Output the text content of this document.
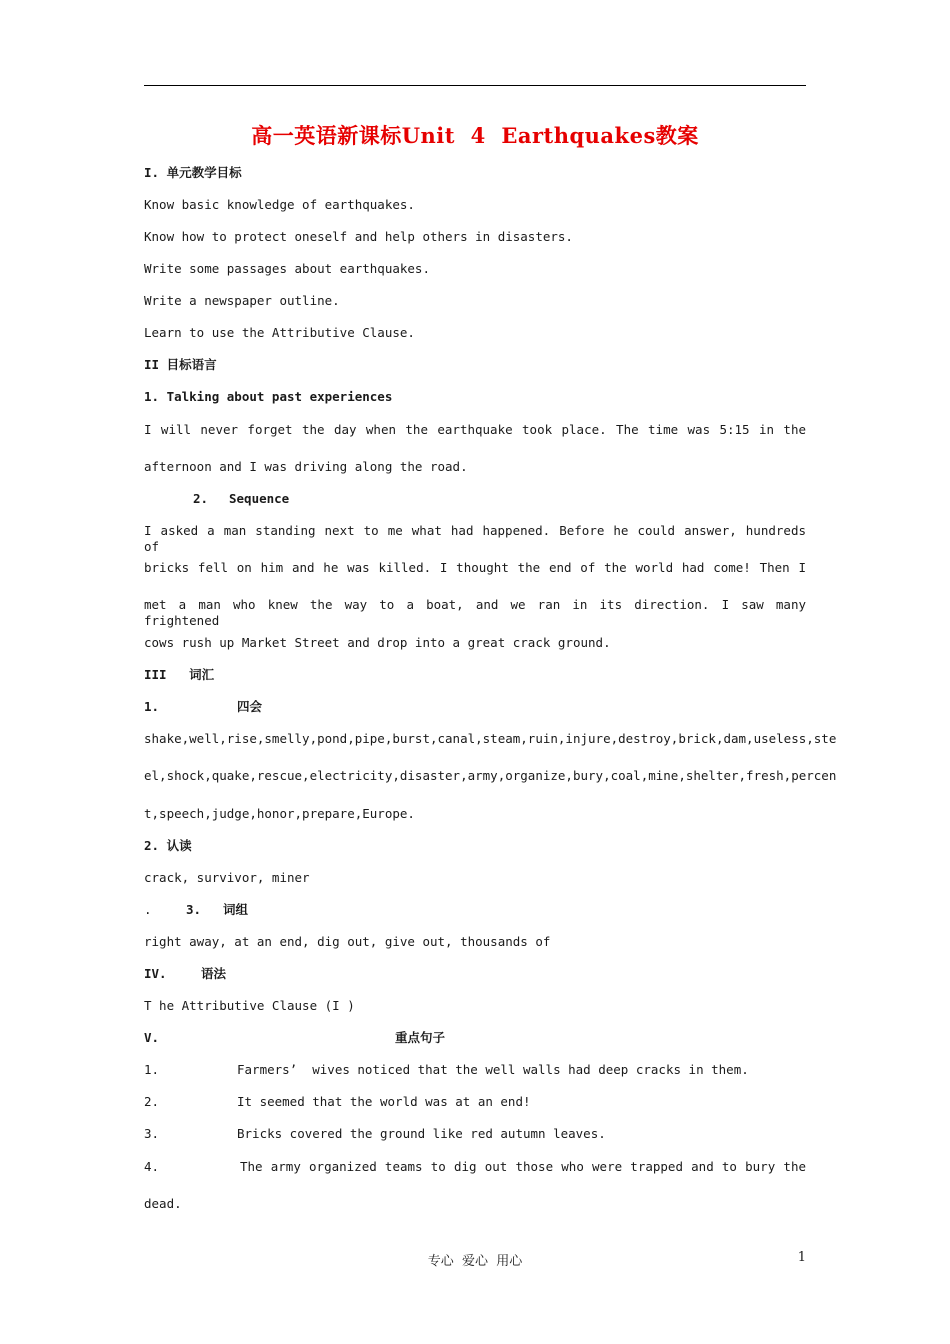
高一英语新课标Unit  4  Earthquakes教案
I. 单元教学目标
Know basic knowledge of earthquakes.
Know how to protect oneself and help others in disasters.
Write some passages about earthquakes.
Write a newspaper outline.
Learn to use the Attributive Clause.
II 目标语言
1. Talking about past experiences
I will never forget the day when the earthquake took place. The time was 5:15 in the
afternoon and I was driving along the road.
2. Sequence
I asked a man standing next to me what had happened. Before he could answer, hundreds of
bricks fell on him and he was killed. I thought the end of the world had come! Then I
met a man who knew the way to a boat, and we ran in its direction. I saw many frightened
cows rush up Market Street and drop into a great crack ground.
III   词汇
1.	四会
shake,well,rise,smelly,pond,pipe,burst,canal,steam,ruin,injure,destroy,brick,dam,useless,ste
el,shock,quake,rescue,electricity,disaster,army,organize,bury,coal,mine,shelter,fresh,percen
t,speech,judge,honor,prepare,Europe.
2. 认读
crack, survivor, miner
.	3. 词组
right away, at an end, dig out, give out, thousands of
IV.	语法
T he Attributive Clause (I )
V.	重点句子
1.	Farmers’  wives noticed that the well walls had deep cracks in them.
2.	It seemed that the world was at an end!
3.	Bricks covered the ground like red autumn leaves.
4.	The army organized teams to dig out those who were trapped and to bury the
dead.
专心  爱心  用心	1
